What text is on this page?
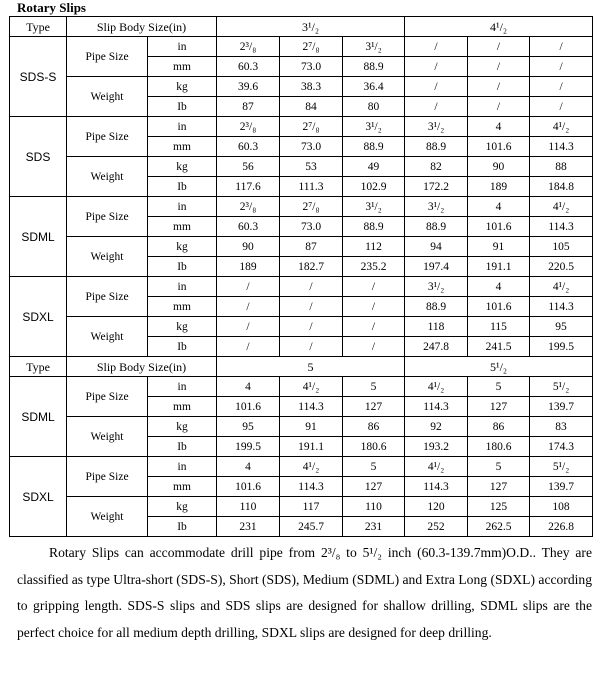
Rotary Slips
Type	Slip Body Size(in)		3¹/₂			4¹/₂		
SDS-S	Pipe Size	in	2³/₈	2⁷/₈	3¹/₂	/	/	/
		mm	60.3	73.0	88.9	/	/	/
	Weight	kg	39.6	38.3	36.4	/	/	/
		Ib	87	84	80	/	/	/
SDS	Pipe Size	in	2³/₈	2⁷/₈	3¹/₂	3¹/₂	4	4¹/₂
		mm	60.3	73.0	88.9	88.9	101.6	114.3
	Weight	kg	56	53	49	82	90	88
		Ib	117.6	111.3	102.9	172.2	189	184.8
SDML	Pipe Size	in	2³/₈	2⁷/₈	3¹/₂	3¹/₂	4	4¹/₂
		mm	60.3	73.0	88.9	88.9	101.6	114.3
	Weight	kg	90	87	112	94	91	105
		Ib	189	182.7	235.2	197.4	191.1	220.5
SDXL	Pipe Size	in	/	/	/	3¹/₂	4	4¹/₂
		mm	/	/	/	88.9	101.6	114.3
	Weight	kg	/	/	/	118	115	95
		Ib	/	/	/	247.8	241.5	199.5
Type	Slip Body Size(in)		5			5¹/₂		
SDML	Pipe Size	in	4	4¹/₂	5	4¹/₂	5	5¹/₂
		mm	101.6	114.3	127	114.3	127	139.7
	Weight	kg	95	91	86	92	86	83
		Ib	199.5	191.1	180.6	193.2	180.6	174.3
SDXL	Pipe Size	in	4	4¹/₂	5	4¹/₂	5	5¹/₂
		mm	101.6	114.3	127	114.3	127	139.7
	Weight	kg	110	117	110	120	125	108
		Ib	231	245.7	231	252	262.5	226.8

Rotary Slips can accommodate drill pipe from 2³/₈ to 5¹/₂ inch (60.3-139.7mm)O.D.. They are classified as type Ultra-short (SDS-S), Short (SDS), Medium (SDML) and Extra Long (SDXL) according to gripping length. SDS-S slips and SDS slips are designed for shallow drilling, SDML slips are the perfect choice for all medium depth drilling, SDXL slips are designed for deep drilling.
